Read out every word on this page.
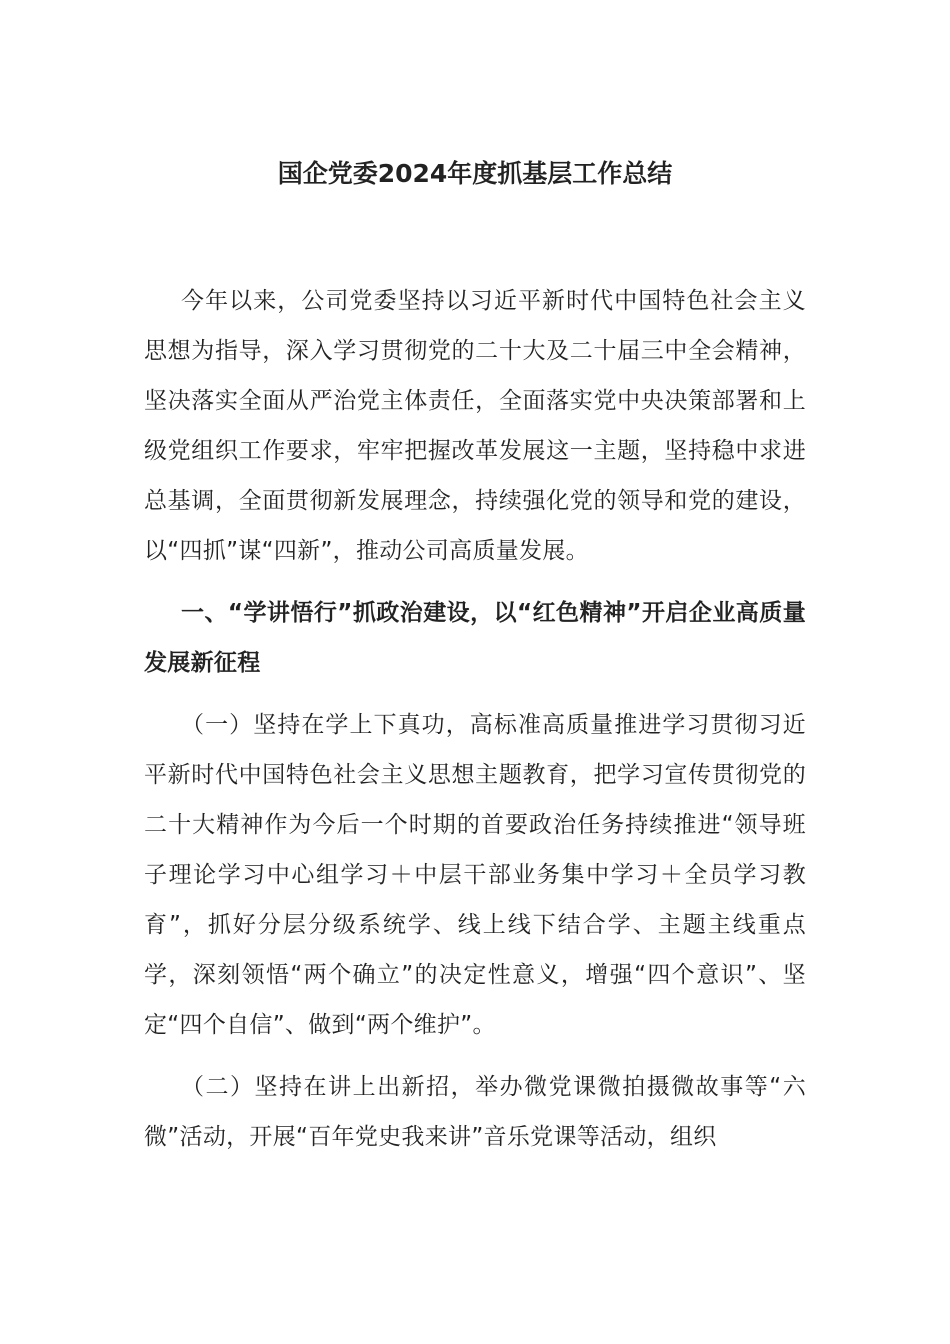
国企党委2024年度抓基层工作总结

今年以来，公司党委坚持以习近平新时代中国特色社会主义思想为指导，深入学习贯彻党的二十大及二十届三中全会精神，坚决落实全面从严治党主体责任，全面落实党中央决策部署和上级党组织工作要求，牢牢把握改革发展这一主题，坚持稳中求进总基调，全面贯彻新发展理念，持续强化党的领导和党的建设，以“四抓”谋“四新”，推动公司高质量发展。

一、“学讲悟行”抓政治建设，以“红色精神”开启企业高质量发展新征程

（一）坚持在学上下真功，高标准高质量推进学习贯彻习近平新时代中国特色社会主义思想主题教育，把学习宣传贯彻党的二十大精神作为今后一个时期的首要政治任务持续推进“领导班子理论学习中心组学习＋中层干部业务集中学习＋全员学习教育”，抓好分层分级系统学、线上线下结合学、主题主线重点学，深刻领悟“两个确立”的决定性意义，增强“四个意识”、坚定“四个自信”、做到“两个维护”。

（二）坚持在讲上出新招，举办微党课微拍摄微故事等“六微”活动，开展“百年党史我来讲”音乐党课等活动，组织
